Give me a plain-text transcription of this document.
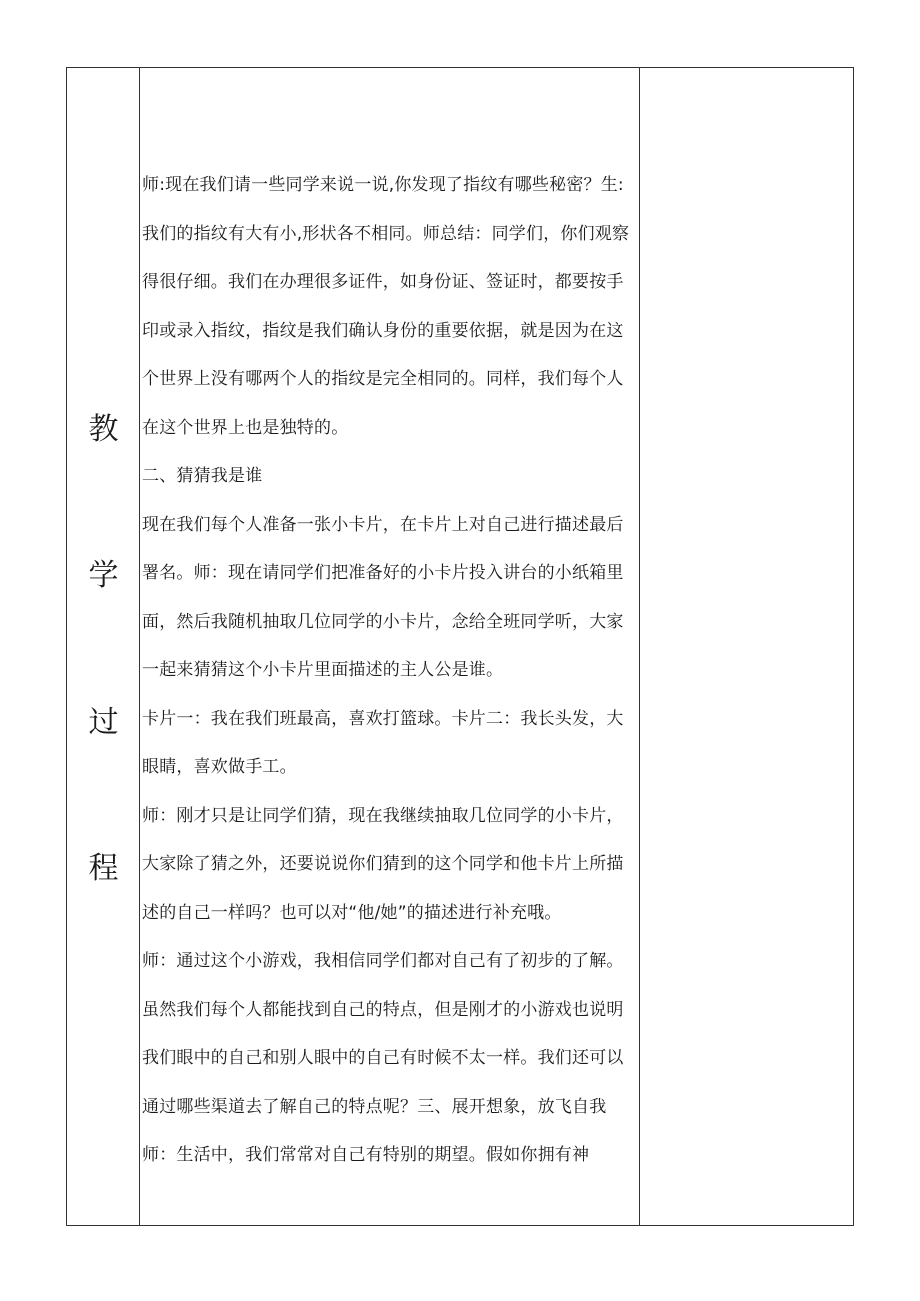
教
学
过
程

师:现在我们请一些同学来说一说,你发现了指纹有哪些秘密？生:我们的指纹有大有小,形状各不相同。师总结：同学们，你们观察得很仔细。我们在办理很多证件，如身份证、签证时，都要按手印或录入指纹，指纹是我们确认身份的重要依据，就是因为在这个世界上没有哪两个人的指纹是完全相同的。同样，我们每个人在这个世界上也是独特的。

二、猜猜我是谁

现在我们每个人准备一张小卡片，在卡片上对自己进行描述最后署名。师：现在请同学们把准备好的小卡片投入讲台的小纸箱里面，然后我随机抽取几位同学的小卡片，念给全班同学听，大家一起来猜猜这个小卡片里面描述的主人公是谁。

卡片一：我在我们班最高，喜欢打篮球。卡片二：我长头发，大眼睛，喜欢做手工。

师：刚才只是让同学们猜，现在我继续抽取几位同学的小卡片，大家除了猜之外，还要说说你们猜到的这个同学和他卡片上所描述的自己一样吗？也可以对“他/她”的描述进行补充哦。

师：通过这个小游戏，我相信同学们都对自己有了初步的了解。虽然我们每个人都能找到自己的特点，但是刚才的小游戏也说明我们眼中的自己和别人眼中的自己有时候不太一样。我们还可以通过哪些渠道去了解自己的特点呢？三、展开想象，放飞自我

师：生活中，我们常常对自己有特别的期望。假如你拥有神
